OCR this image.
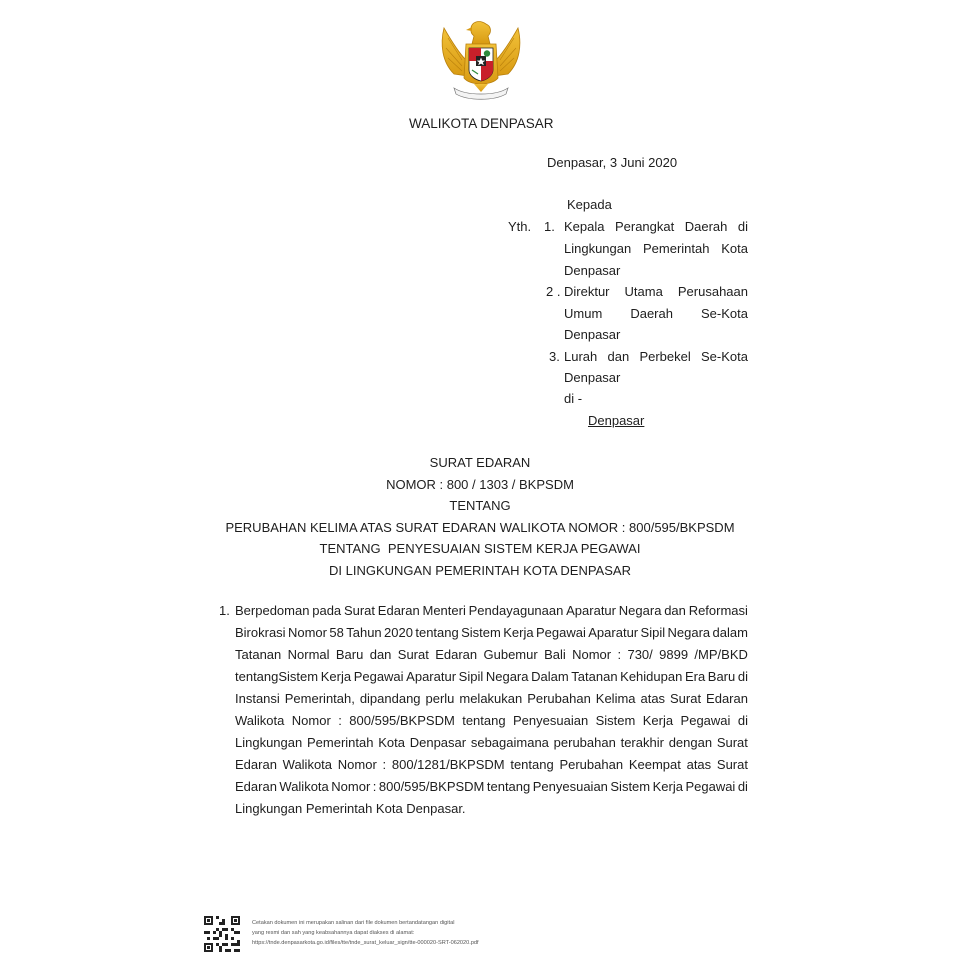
WALIKOTA DENPASAR
Denpasar, 3 Juni 2020
Kepada
Yth. 1. Kepala Perangkat Daerah di
Lingkungan Pemerintah Kota
Denpasar
2 . Direktur Utama Perusahaan
Umum Daerah Se-Kota
Denpasar
3. Lurah dan Perbekel Se-Kota
Denpasar
di -
Denpasar
SURAT EDARAN
NOMOR : 800 / 1303 / BKPSDM
TENTANG
PERUBAHAN KELIMA ATAS SURAT EDARAN WALIKOTA NOMOR : 800/595/BKPSDM
TENTANG  PENYESUAIAN SISTEM KERJA PEGAWAI
DI LINGKUNGAN PEMERINTAH KOTA DENPASAR
1. Berpedoman pada Surat Edaran Menteri Pendayagunaan Aparatur Negara dan Reformasi
Birokrasi Nomor 58 Tahun 2020 tentang Sistem Kerja Pegawai Aparatur Sipil Negara dalam
Tatanan Normal Baru dan Surat Edaran Gubemur Bali Nomor : 730/ 9899 /MP/BKD
tentangSistem Kerja Pegawai Aparatur Sipil Negara Dalam Tatanan Kehidupan Era Baru di
Instansi Pemerintah, dipandang perlu melakukan Perubahan Kelima atas Surat Edaran
Walikota Nomor : 800/595/BKPSDM tentang Penyesuaian Sistem Kerja Pegawai di
Lingkungan Pemerintah Kota Denpasar sebagaimana perubahan terakhir dengan Surat
Edaran Walikota Nomor : 800/1281/BKPSDM tentang Perubahan Keempat atas Surat
Edaran Walikota Nomor : 800/595/BKPSDM tentang Penyesuaian Sistem Kerja Pegawai di
Lingkungan Pemerintah Kota Denpasar.
Cetakan dokumen ini merupakan salinan dari file dokumen bertandatangan digital
yang resmi dan sah yang keabsahannya dapat diakses di alamat:
https://tnde.denpasarkota.go.id/files/tte/tnde_surat_keluar_sign/tte-000020-SRT-062020.pdf
